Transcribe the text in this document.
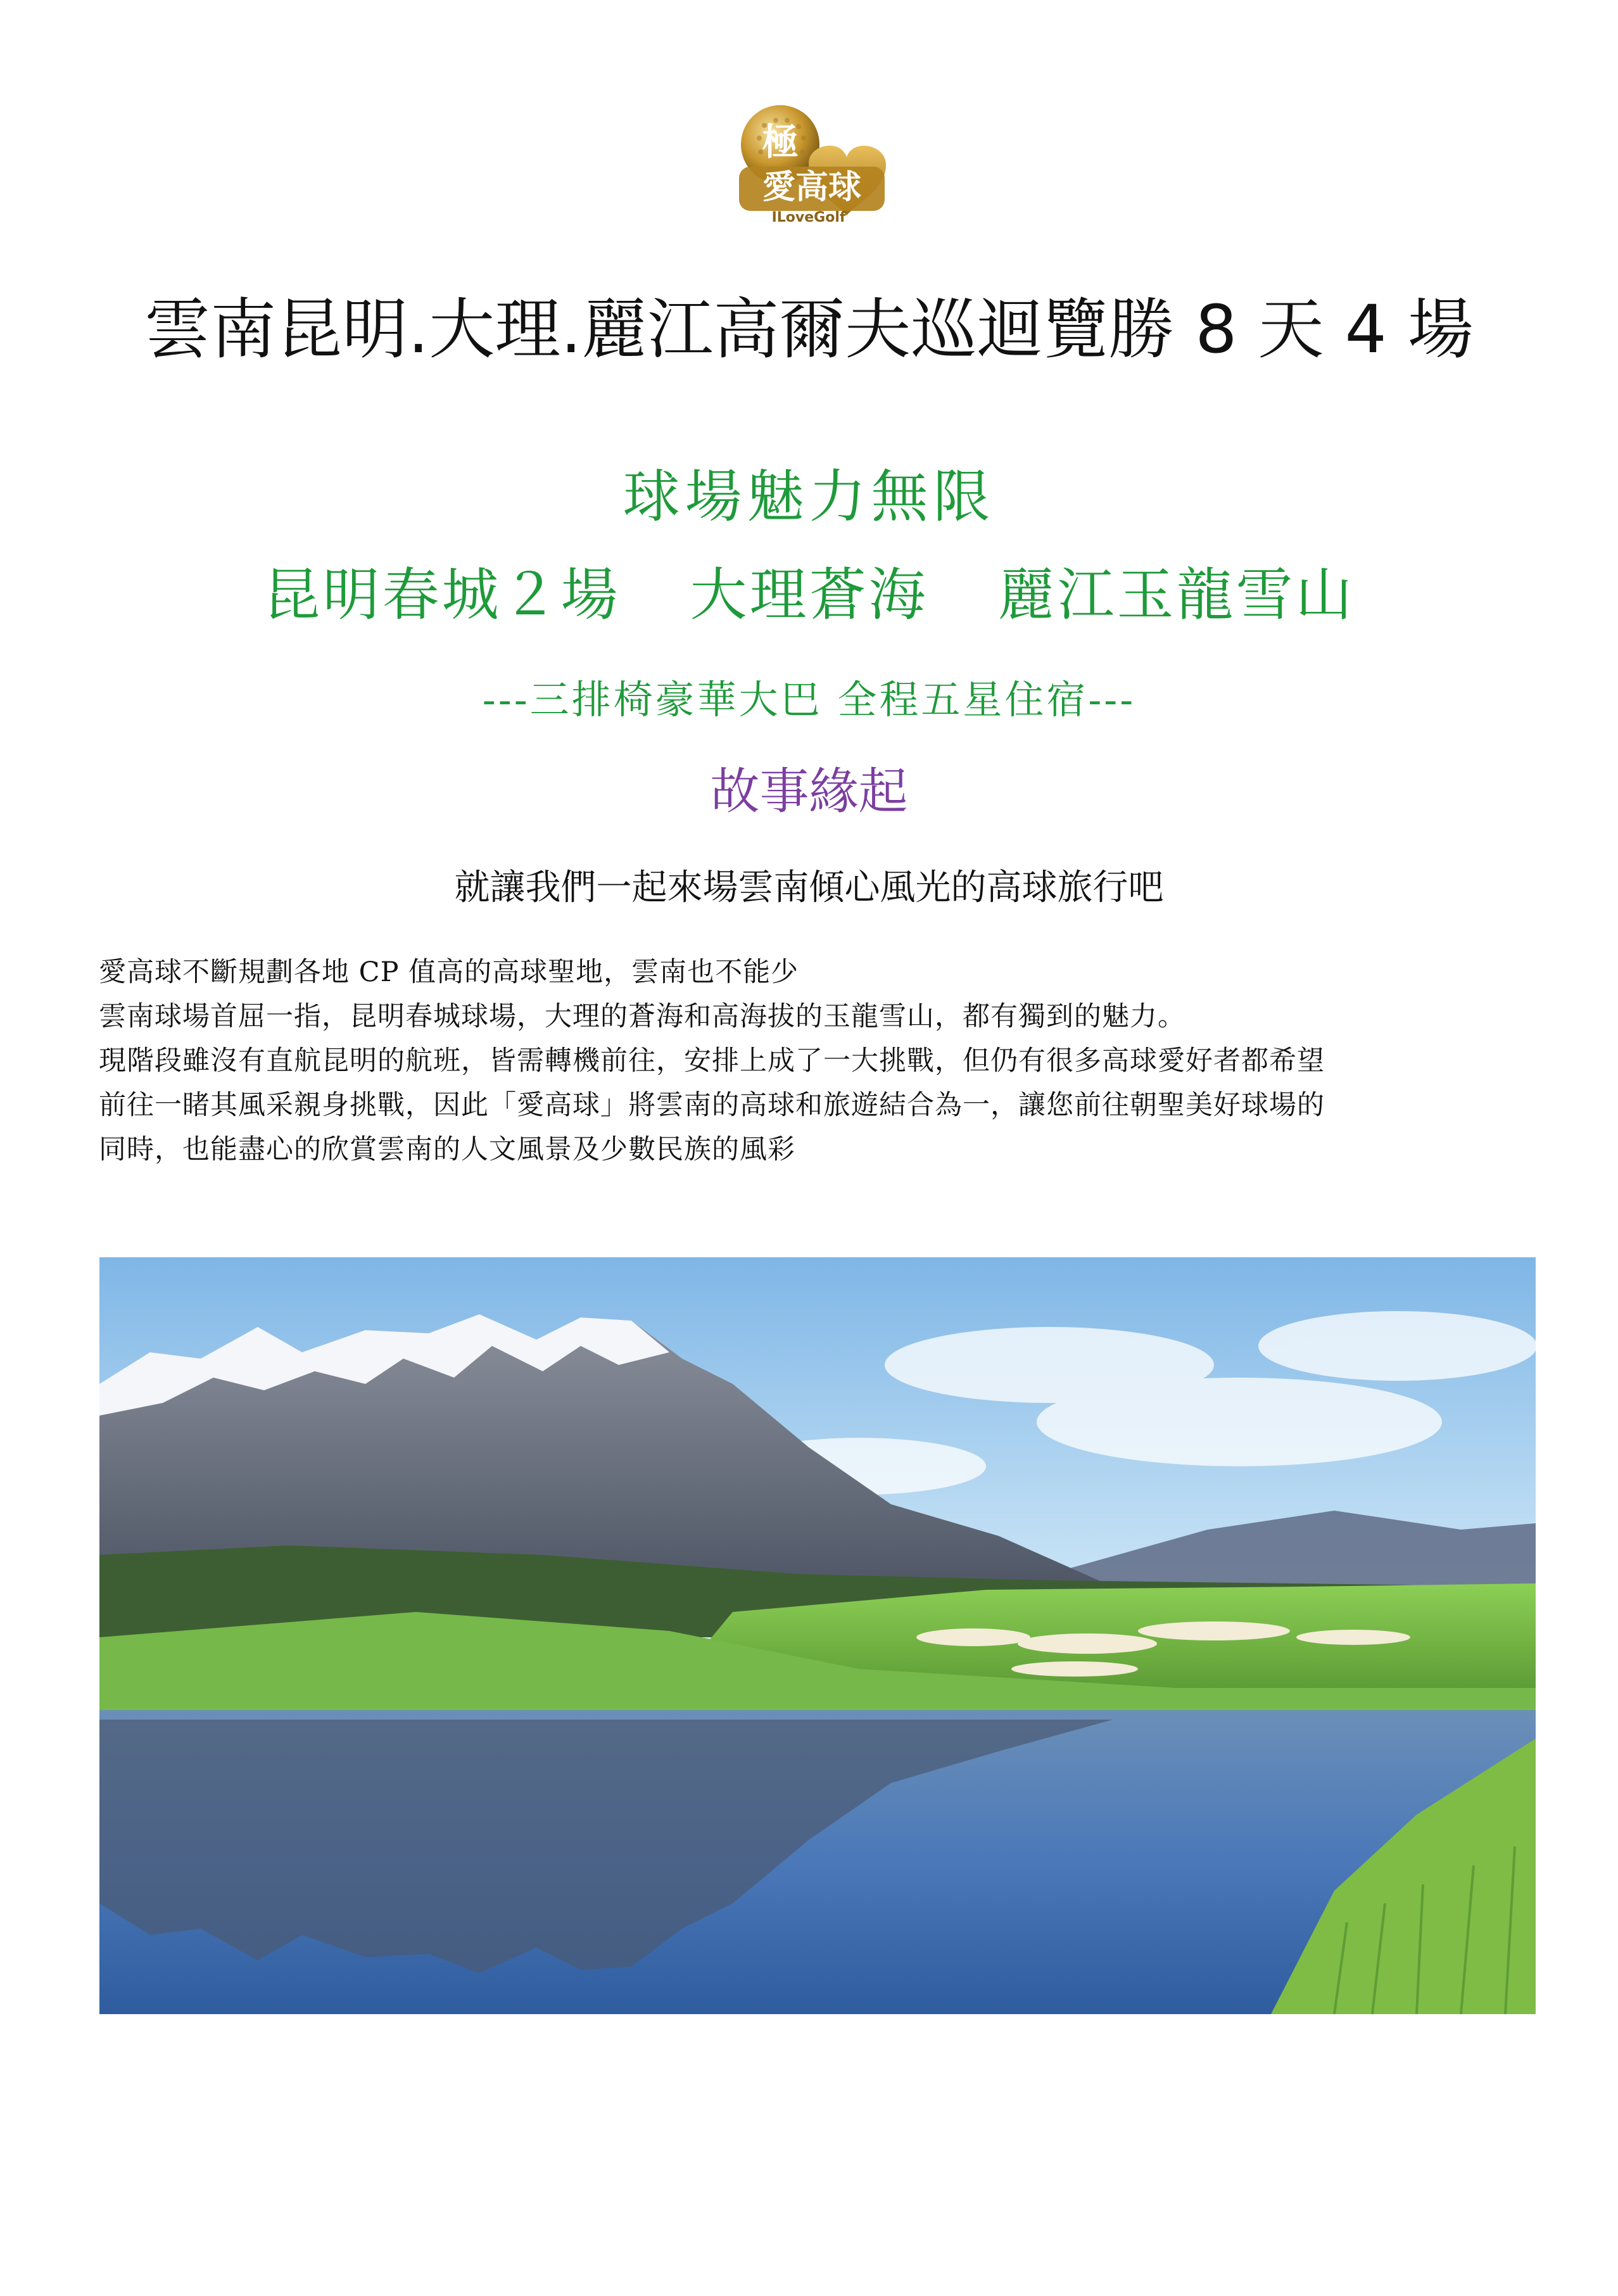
極
愛高球
ILoveGolf
雲南昆明.大理.麗江高爾夫巡迴覽勝 8 天 4 場
球場魅力無限
昆明春城２場 大理蒼海 麗江玉龍雪山
---三排椅豪華大巴 全程五星住宿---
故事緣起
就讓我們一起來場雲南傾心風光的高球旅行吧

愛高球不斷規劃各地 CP 值高的高球聖地，雲南也不能少

雲南球場首屈一指，昆明春城球場，大理的蒼海和高海拔的玉龍雪山，都有獨到的魅力。

現階段雖沒有直航昆明的航班，皆需轉機前往，安排上成了一大挑戰，但仍有很多高球愛好者都希望

前往一睹其風采親身挑戰，因此「愛高球」將雲南的高球和旅遊結合為一，讓您前往朝聖美好球場的

同時，也能盡心的欣賞雲南的人文風景及少數民族的風彩
